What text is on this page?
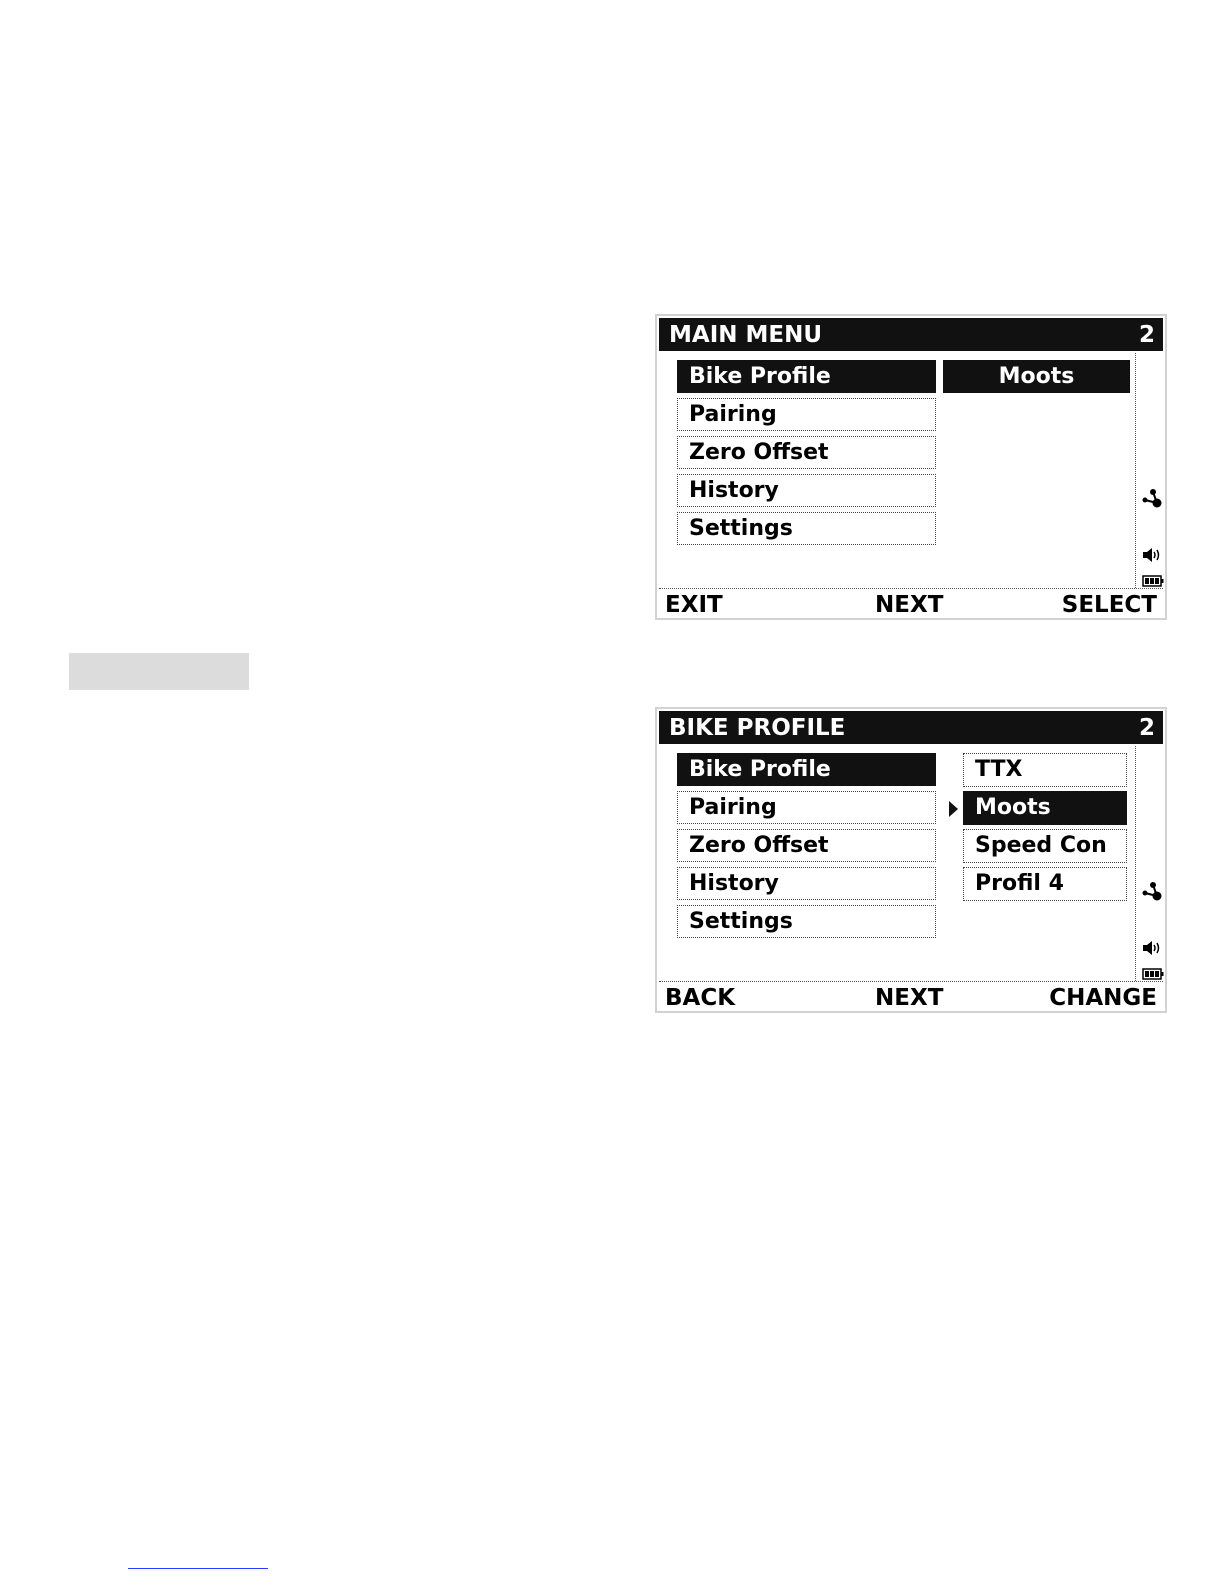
MAIN MENU	2
Bike Profile
Pairing
Zero Offset
History
Settings
Moots
EXIT	NEXT	SELECT
BIKE PROFILE	2
Bike Profile
Pairing
Zero Offset
History
Settings
TTX
Moots
Speed Con
Profil 4
BACK	NEXT	CHANGE
